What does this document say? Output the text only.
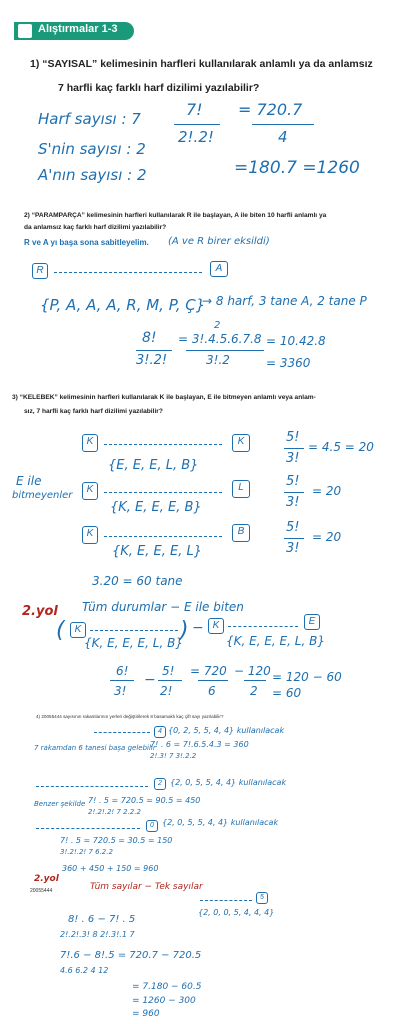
Alıştırmalar 1-3
1) “SAYISAL” kelimesinin harfleri kullanılarak anlamlı ya da anlamsız
7 harfli kaç farklı harf dizilimi yazılabilir?
Harf sayısı : 7
S'nin sayısı : 2
A'nın sayısı : 2
7!
2!.2!
= 720.7
4
=180.7 =1260
2) “PARAMPARÇA” kelimesinin harfleri kullanılarak R ile başlayan, A ile biten 10 harfli anlamlı ya
da anlamsız kaç farklı harf dizilimi yazılabilir?
R ve A yı başa sona sabitleyelim. (A ve R birer eksildi)
R	A
{P, A, A, A, R, M, P, Ç}
→ 8 harf, 3 tane A, 2 tane P
8!
3!.2!
2
= 3!.4.5.6.7.8
3!.2
= 10.42.8
= 3360
3) “KELEBEK” kelimesinin harfleri kullanılarak K ile başlayan, E ile bitmeyen anlamlı veya anlam-
sız, 7 harfli kaç farklı harf dizilimi yazılabilir?
E ile
bitmeyenler
K	K
{E, E, E, L, B}
5!
3!
= 4.5 = 20
K	L
{K, E, E, E, B}
5!
3!
= 20
K	B
{K, E, E, E, L}
5!
3!
= 20
3.20 = 60 tane
2.yol Tüm durumlar − E ile biten
(	K	) − K	E
{K, E, E, E, L, B}	{K, E, E, E, L, B}
6!
3!
−
5!
2!
= 720
6
− 120
2
= 120 − 60
= 60
4) 20055444 sayısının rakamlarının yerleri değiştirilerek 8 basamaklı kaç çift sayı yazılabilir?
4 {0, 2, 5, 5, 4, 4} kullanılacak
7 rakamdan 6 tanesi başa gelebilir
7! . 6 = 7!.6.5.4.3 = 360
2!.3! 7 3!.2.2
2	{2, 0, 5, 5, 4, 4} kullanılacak
Benzer şekilde 7! . 5 = 720.5 = 90.5 = 450
2!.2!.2! 7 2.2.2
0	{2, 0, 5, 5, 4, 4} kullanılacak
7! . 5 = 720.5 = 30.5 = 150
3!.2!.2! 7 6.2.2
360 + 450 + 150 = 960
2.yol
20055444	Tüm sayılar − Tek sayılar
5
{2, 0, 0, 5, 4, 4, 4}
8! . 6 − 7! . 5
2!.2!.3! 8 2!.3!.1 7
7!.6 − 8!.5 = 720.7 − 720.5
4.6 6.2 4 12
= 7.180 − 60.5
= 1260 − 300
= 960
